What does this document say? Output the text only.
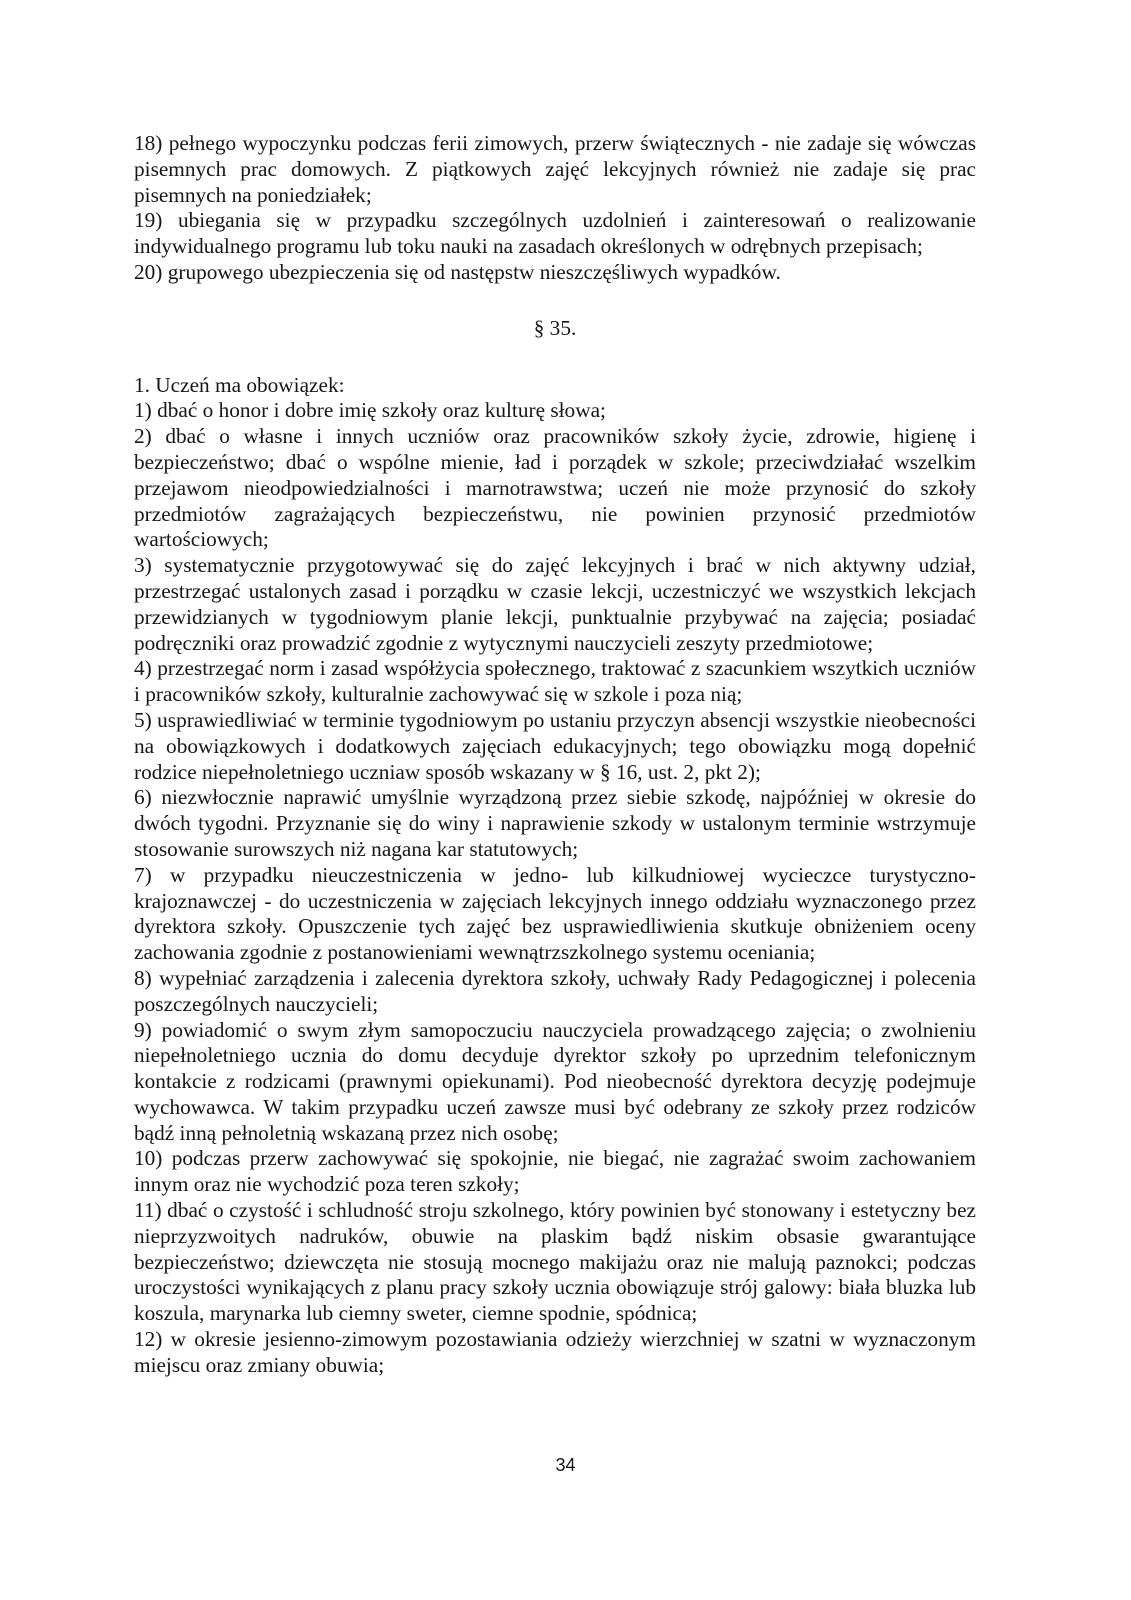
18) pełnego wypoczynku podczas ferii zimowych, przerw świątecznych - nie zadaje się wówczas pisemnych prac domowych. Z piątkowych zajęć lekcyjnych również nie zadaje się prac pisemnych na poniedziałek;

19) ubiegania się w przypadku szczególnych uzdolnień i zainteresowań o realizowanie indywidualnego programu lub toku nauki na zasadach określonych w odrębnych przepisach;

20) grupowego ubezpieczenia się od następstw nieszczęśliwych wypadków.

§ 35.

1. Uczeń ma obowiązek:

1) dbać o honor i dobre imię szkoły oraz kulturę słowa;

2) dbać o własne i innych uczniów oraz pracowników szkoły życie, zdrowie, higienę i bezpieczeństwo; dbać o wspólne mienie, ład i porządek w szkole; przeciwdziałać wszelkim przejawom nieodpowiedzialności i marnotrawstwa; uczeń nie może przynosić do szkoły przedmiotów zagrażających bezpieczeństwu, nie powinien przynosić przedmiotów wartościowych;

3) systematycznie przygotowywać się do zajęć lekcyjnych i brać w nich aktywny udział, przestrzegać ustalonych zasad i porządku w czasie lekcji, uczestniczyć we wszystkich lekcjach przewidzianych w tygodniowym planie lekcji, punktualnie przybywać na zajęcia; posiadać podręczniki oraz prowadzić zgodnie z wytycznymi nauczycieli zeszyty przedmiotowe;

4) przestrzegać norm i zasad współżycia społecznego, traktować z szacunkiem wszytkich uczniów i pracowników szkoły, kulturalnie zachowywać się w szkole i poza nią;

5) usprawiedliwiać w terminie tygodniowym po ustaniu przyczyn absencji wszystkie nieobecności na obowiązkowych i dodatkowych zajęciach edukacyjnych; tego obowiązku mogą dopełnić rodzice niepełnoletniego uczniaw sposób wskazany w § 16, ust. 2, pkt 2);

6) niezwłocznie naprawić umyślnie wyrządzoną przez siebie szkodę, najpóźniej w okresie do dwóch tygodni. Przyznanie się do winy i naprawienie szkody w ustalonym terminie wstrzymuje stosowanie surowszych niż nagana kar statutowych;

7) w przypadku nieuczestniczenia w jedno- lub kilkudniowej wycieczce turystyczno-krajoznawczej - do uczestniczenia w zajęciach lekcyjnych innego oddziału wyznaczonego przez dyrektora szkoły. Opuszczenie tych zajęć bez usprawiedliwienia skutkuje obniżeniem oceny zachowania zgodnie z postanowieniami wewnątrzszkolnego systemu oceniania;

8) wypełniać zarządzenia i zalecenia dyrektora szkoły, uchwały Rady Pedagogicznej i polecenia poszczególnych nauczycieli;

9) powiadomić o swym złym samopoczuciu nauczyciela prowadzącego zajęcia; o zwolnieniu niepełnoletniego ucznia do domu decyduje dyrektor szkoły po uprzednim telefonicznym kontakcie z rodzicami (prawnymi opiekunami). Pod nieobecność dyrektora decyzję podejmuje wychowawca. W takim przypadku uczeń zawsze musi być odebrany ze szkoły przez rodziców bądź inną pełnoletnią wskazaną przez nich osobę;

10) podczas przerw zachowywać się spokojnie, nie biegać, nie zagrażać swoim zachowaniem innym oraz nie wychodzić poza teren szkoły;

11) dbać o czystość i schludność stroju szkolnego, który powinien być stonowany i estetyczny bez nieprzyzwoitych nadruków, obuwie na plaskim bądź niskim obsasie gwarantujące bezpieczeństwo; dziewczęta nie stosują mocnego makijażu oraz nie malują paznokci; podczas uroczystości wynikających z planu pracy szkoły ucznia obowiązuje strój galowy: biała bluzka lub koszula, marynarka lub ciemny sweter, ciemne spodnie, spódnica;

12) w okresie jesienno-zimowym pozostawiania odzieży wierzchniej w szatni w wyznaczonym miejscu oraz zmiany obuwia;

34
